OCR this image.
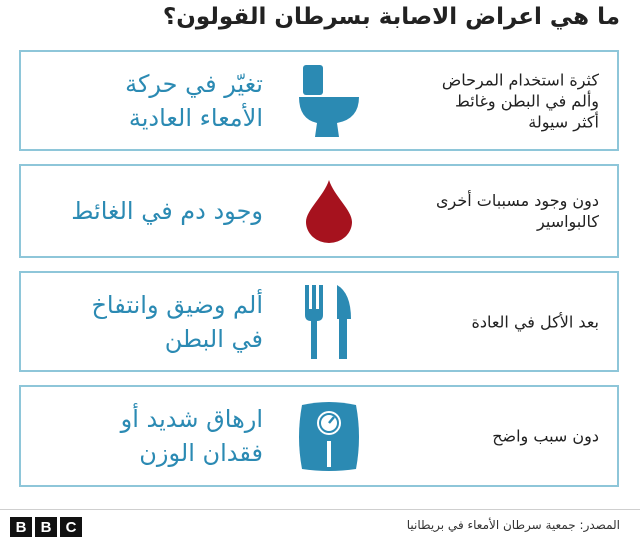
ما هي اعراض الاصابة بسرطان القولون؟
تغيّر في حركة
الأمعاء العادية
كثرة استخدام المرحاض
وألم في البطن وغائط
أكثر سيولة
وجود دم في الغائط	دون وجود مسببات أخرى
كالبواسير
ألم وضيق وانتفاخ
في البطن
بعد الأكل في العادة
ارهاق شديد أو
فقدان الوزن
دون سبب واضح
B B C	المصدر: جمعية سرطان الأمعاء في بريطانيا
